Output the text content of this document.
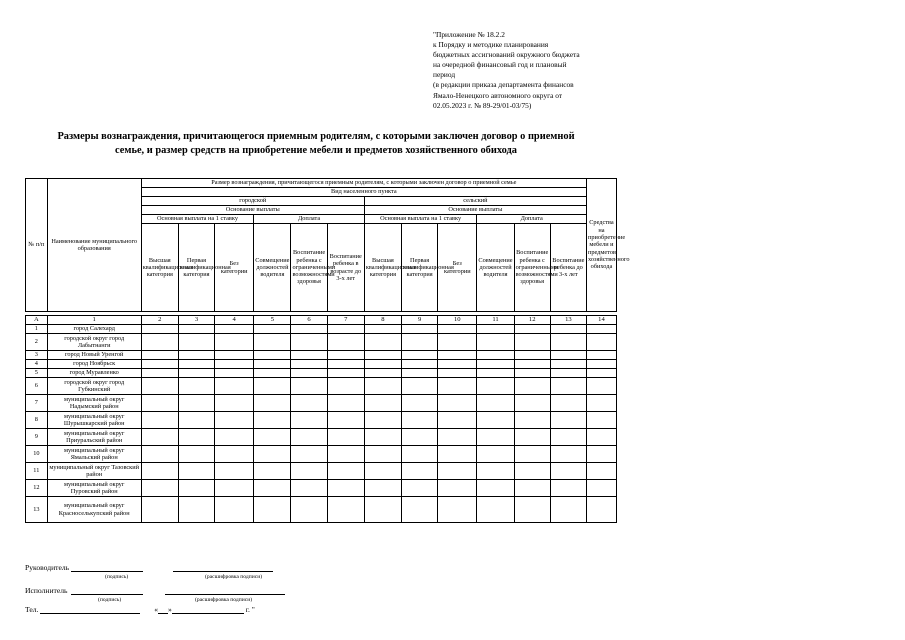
"Приложение № 18.2.2
к Порядку и методике планирования
бюджетных ассигнований окружного бюджета
на очередной финансовый год и плановый
период
(в редакции приказа департамента финансов
Ямало-Ненецкого автономного округа от
02.05.2023 г. № 89-29/01-03/75)
Размеры вознаграждения, причитающегося приемным родителям, с которыми заключен договор о приемной
семье, и размер средств на приобретение мебели и предметов хозяйственного обихода
№ п/п	Наименование муниципального образования	Размер вознаграждения, причитающегося приемным родителям, с которыми заключен договор о приемной семье												Средства на приобретение мебели и предметов хозяйственного обихода
		Вид населенного пункта												
		городской						сельский						
		Основание выплаты						Основание выплаты						
		Основная выплата на 1 ставку			Доплата			Основная выплата на 1 ставку			Доплата			
		Высшая квалификационная категория	Первая квалификационная категория	Без категории	Совмещение должностей водителя	Воспитание ребенка с ограниченными возможностями здоровья	Воспитание ребенка в возрасте до 3-х лет	Высшая квалификационная категория	Первая квалификационная категория	Без категории	Совмещение должностей водителя	Воспитание ребенка с ограниченными возможностями здоровья	Воспитание ребенка до 3-х лет	

А	1	2	3	4	5	6	7	8	9	10	11	12	13	14
1	город Салехард													
2	городской округ город Лабытнанги													
3	город Новый Уренгой													
4	город Ноябрьск													
5	город Муравленко													
6	городской округ город Губкинский													
7	муниципальный округ Надымский район													
8	муниципальный округ Шурышкарский район													
9	муниципальный округ Приуральский район													
10	муниципальный округ Ямальский район													
11	муниципальный округ Тазовский район													
12	муниципальный округ Пуровский район													
13	муниципальный округ Красноселькупский район													
Руководитель
(подпись)	(расшифровка подписи)
Исполнитель
(подпись)	(расшифровка подписи)
Тел.	« »	г. "
